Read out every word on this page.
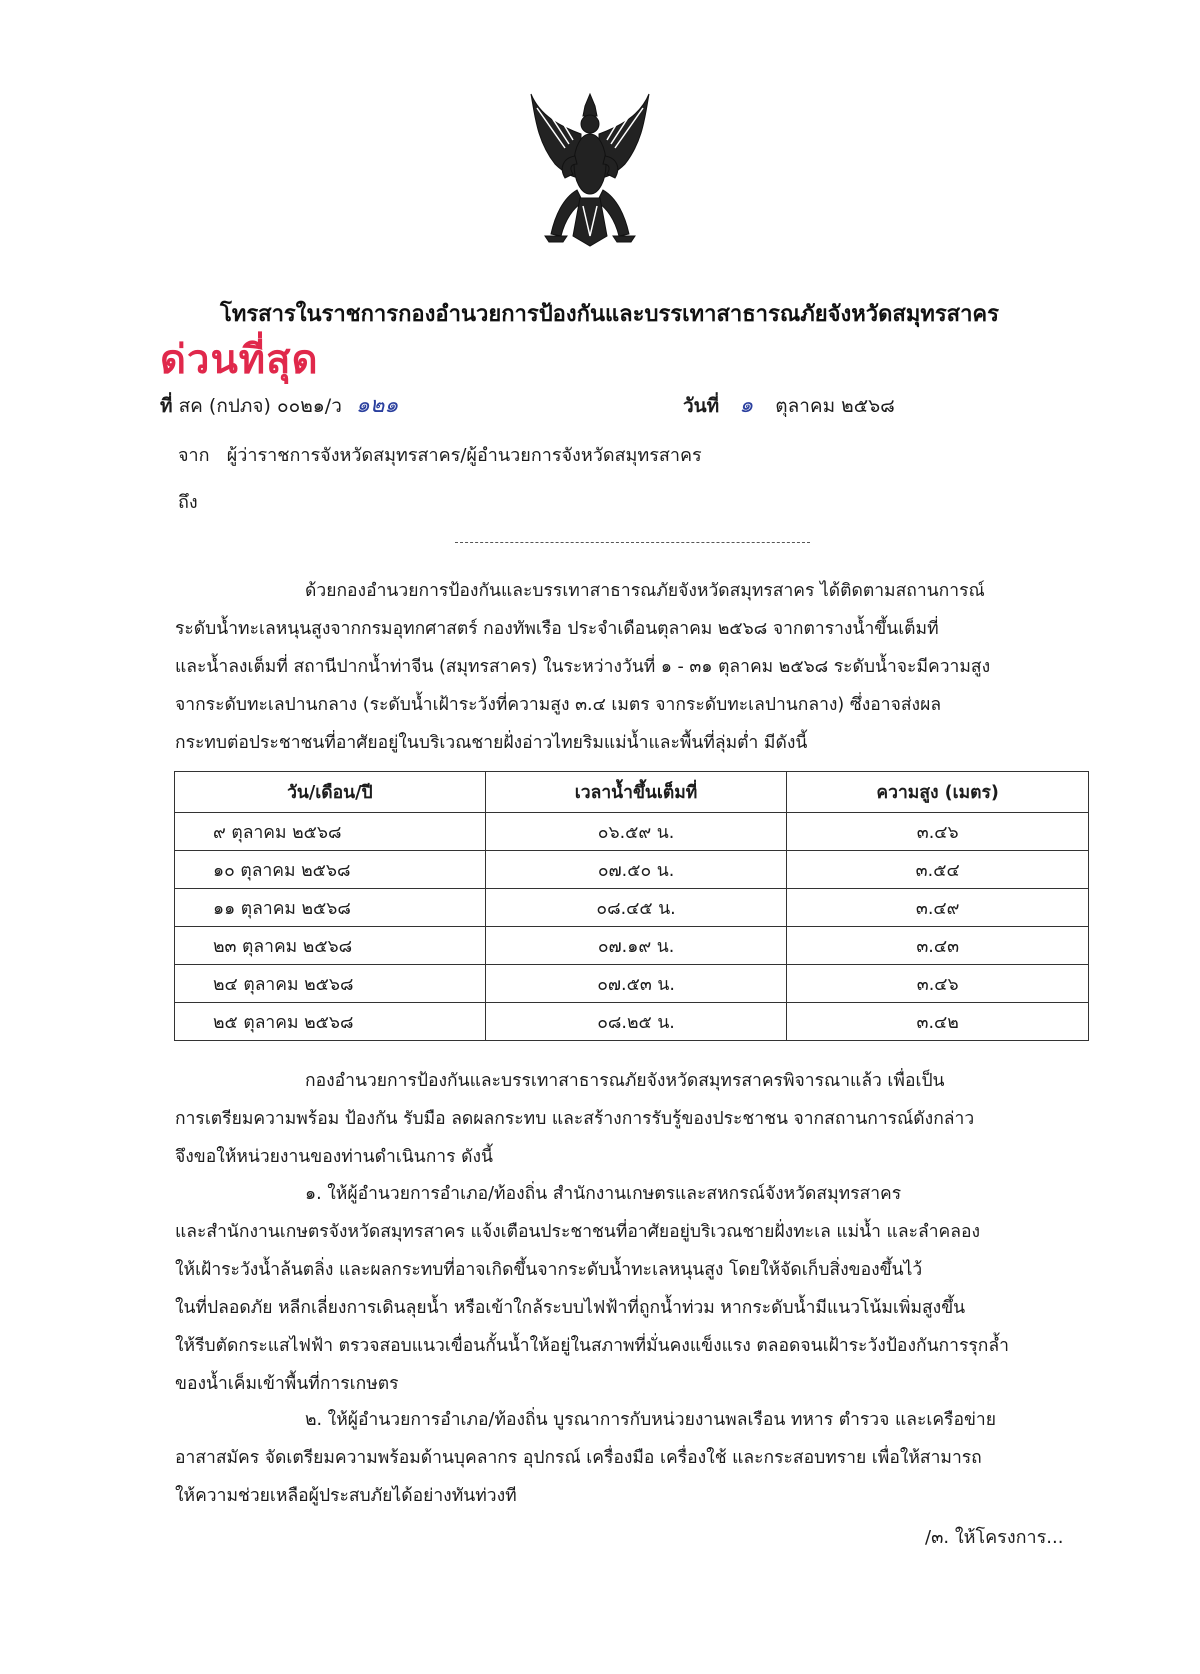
โทรสารในราชการกองอำนวยการป้องกันและบรรเทาสาธารณภัยจังหวัดสมุทรสาคร
ด่วนที่สุด
ที่ สค (กปภจ) ๐๐๒๑/ว ๑๒๑	วันที่ ๑ ตุลาคม ๒๕๖๘
จาก ผู้ว่าราชการจังหวัดสมุทรสาคร/ผู้อำนวยการจังหวัดสมุทรสาคร
ถึง
ด้วยกองอำนวยการป้องกันและบรรเทาสาธารณภัยจังหวัดสมุทรสาคร ได้ติดตามสถานการณ์
ระดับน้ำทะเลหนุนสูงจากกรมอุทกศาสตร์ กองทัพเรือ ประจำเดือนตุลาคม ๒๕๖๘ จากตารางน้ำขึ้นเต็มที่
และน้ำลงเต็มที่ สถานีปากน้ำท่าจีน (สมุทรสาคร) ในระหว่างวันที่ ๑ - ๓๑ ตุลาคม ๒๕๖๘ ระดับน้ำจะมีความสูง
จากระดับทะเลปานกลาง (ระดับน้ำเฝ้าระวังที่ความสูง ๓.๔ เมตร จากระดับทะเลปานกลาง) ซึ่งอาจส่งผล
กระทบต่อประชาชนที่อาศัยอยู่ในบริเวณชายฝั่งอ่าวไทยริมแม่น้ำและพื้นที่ลุ่มต่ำ มีดังนี้
วัน/เดือน/ปี	เวลาน้ำขึ้นเต็มที่	ความสูง (เมตร)
๙ ตุลาคม ๒๕๖๘	๐๖.๕๙ น.	๓.๔๖
๑๐ ตุลาคม ๒๕๖๘	๐๗.๕๐ น.	๓.๕๔
๑๑ ตุลาคม ๒๕๖๘	๐๘.๔๕ น.	๓.๔๙
๒๓ ตุลาคม ๒๕๖๘	๐๗.๑๙ น.	๓.๔๓
๒๔ ตุลาคม ๒๕๖๘	๐๗.๕๓ น.	๓.๔๖
๒๕ ตุลาคม ๒๕๖๘	๐๘.๒๕ น.	๓.๔๒
กองอำนวยการป้องกันและบรรเทาสาธารณภัยจังหวัดสมุทรสาครพิจารณาแล้ว เพื่อเป็น
การเตรียมความพร้อม ป้องกัน รับมือ ลดผลกระทบ และสร้างการรับรู้ของประชาชน จากสถานการณ์ดังกล่าว
จึงขอให้หน่วยงานของท่านดำเนินการ ดังนี้
๑. ให้ผู้อำนวยการอำเภอ/ท้องถิ่น สำนักงานเกษตรและสหกรณ์จังหวัดสมุทรสาคร
และสำนักงานเกษตรจังหวัดสมุทรสาคร แจ้งเตือนประชาชนที่อาศัยอยู่บริเวณชายฝั่งทะเล แม่น้ำ และลำคลอง
ให้เฝ้าระวังน้ำล้นตลิ่ง และผลกระทบที่อาจเกิดขึ้นจากระดับน้ำทะเลหนุนสูง โดยให้จัดเก็บสิ่งของขึ้นไว้
ในที่ปลอดภัย หลีกเลี่ยงการเดินลุยน้ำ หรือเข้าใกล้ระบบไฟฟ้าที่ถูกน้ำท่วม หากระดับน้ำมีแนวโน้มเพิ่มสูงขึ้น
ให้รีบตัดกระแสไฟฟ้า ตรวจสอบแนวเขื่อนกั้นน้ำให้อยู่ในสภาพที่มั่นคงแข็งแรง ตลอดจนเฝ้าระวังป้องกันการรุกล้ำ
ของน้ำเค็มเข้าพื้นที่การเกษตร
๒. ให้ผู้อำนวยการอำเภอ/ท้องถิ่น บูรณาการกับหน่วยงานพลเรือน ทหาร ตำรวจ และเครือข่าย
อาสาสมัคร จัดเตรียมความพร้อมด้านบุคลากร อุปกรณ์ เครื่องมือ เครื่องใช้ และกระสอบทราย เพื่อให้สามารถ
ให้ความช่วยเหลือผู้ประสบภัยได้อย่างทันท่วงที
/๓. ให้โครงการ...
